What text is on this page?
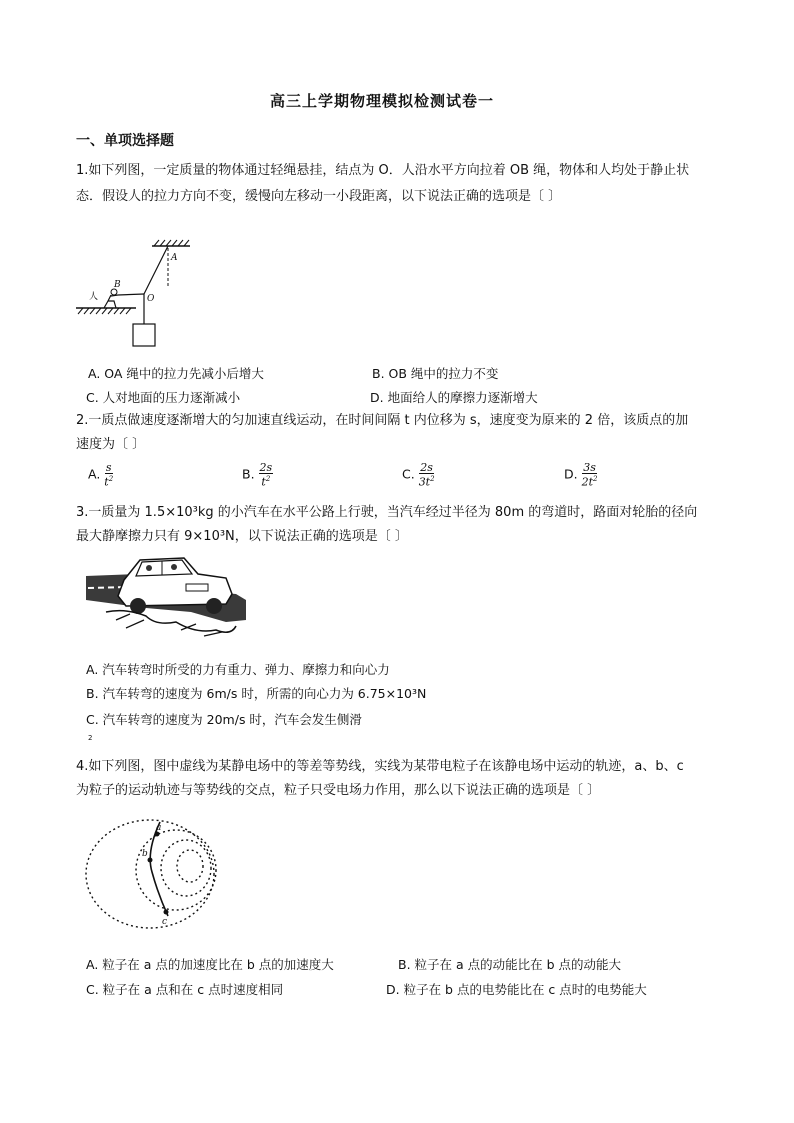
高三上学期物理模拟检测试卷一
一、单项选择题
1.如下列图，一定质量的物体通过轻绳悬挂，结点为 O．人沿水平方向拉着 OB 绳，物体和人均处于静止状
态．假设人的拉力方向不变，缓慢向左移动一小段距离，以下说法正确的选项是〔 〕
A
B
O
人
A. OA 绳中的拉力先减小后增大	B. OB 绳中的拉力不变
C. 人对地面的压力逐渐减小	D. 地面给人的摩擦力逐渐增大
2.一质点做速度逐渐增大的匀加速直线运动，在时间间隔 t 内位移为 s，速度变为原来的 2 倍，该质点的加
速度为〔 〕
A. $\frac{s}{t^2}$	B. $\frac{2s}{t^2}$	C. $\frac{2s}{3t^2}$	D. $\frac{3s}{2t^2}$
3.一质量为 1.5×10³kg 的小汽车在水平公路上行驶，当汽车经过半径为 80m 的弯道时，路面对轮胎的径向
最大静摩擦力只有 9×10³N，以下说法正确的选项是〔 〕
A. 汽车转弯时所受的力有重力、弹力、摩擦力和向心力
B. 汽车转弯的速度为 6m/s 时，所需的向心力为 6.75×10³N
C. 汽车转弯的速度为 20m/s 时，汽车会发生侧滑
2
4.如下列图，图中虚线为某静电场中的等差等势线，实线为某带电粒子在该静电场中运动的轨迹，a、b、c
为粒子的运动轨迹与等势线的交点，粒子只受电场力作用，那么以下说法正确的选项是〔 〕
a
b
c
A. 粒子在 a 点的加速度比在 b 点的加速度大	B. 粒子在 a 点的动能比在 b 点的动能大
C. 粒子在 a 点和在 c 点时速度相同	D. 粒子在 b 点的电势能比在 c 点时的电势能大
